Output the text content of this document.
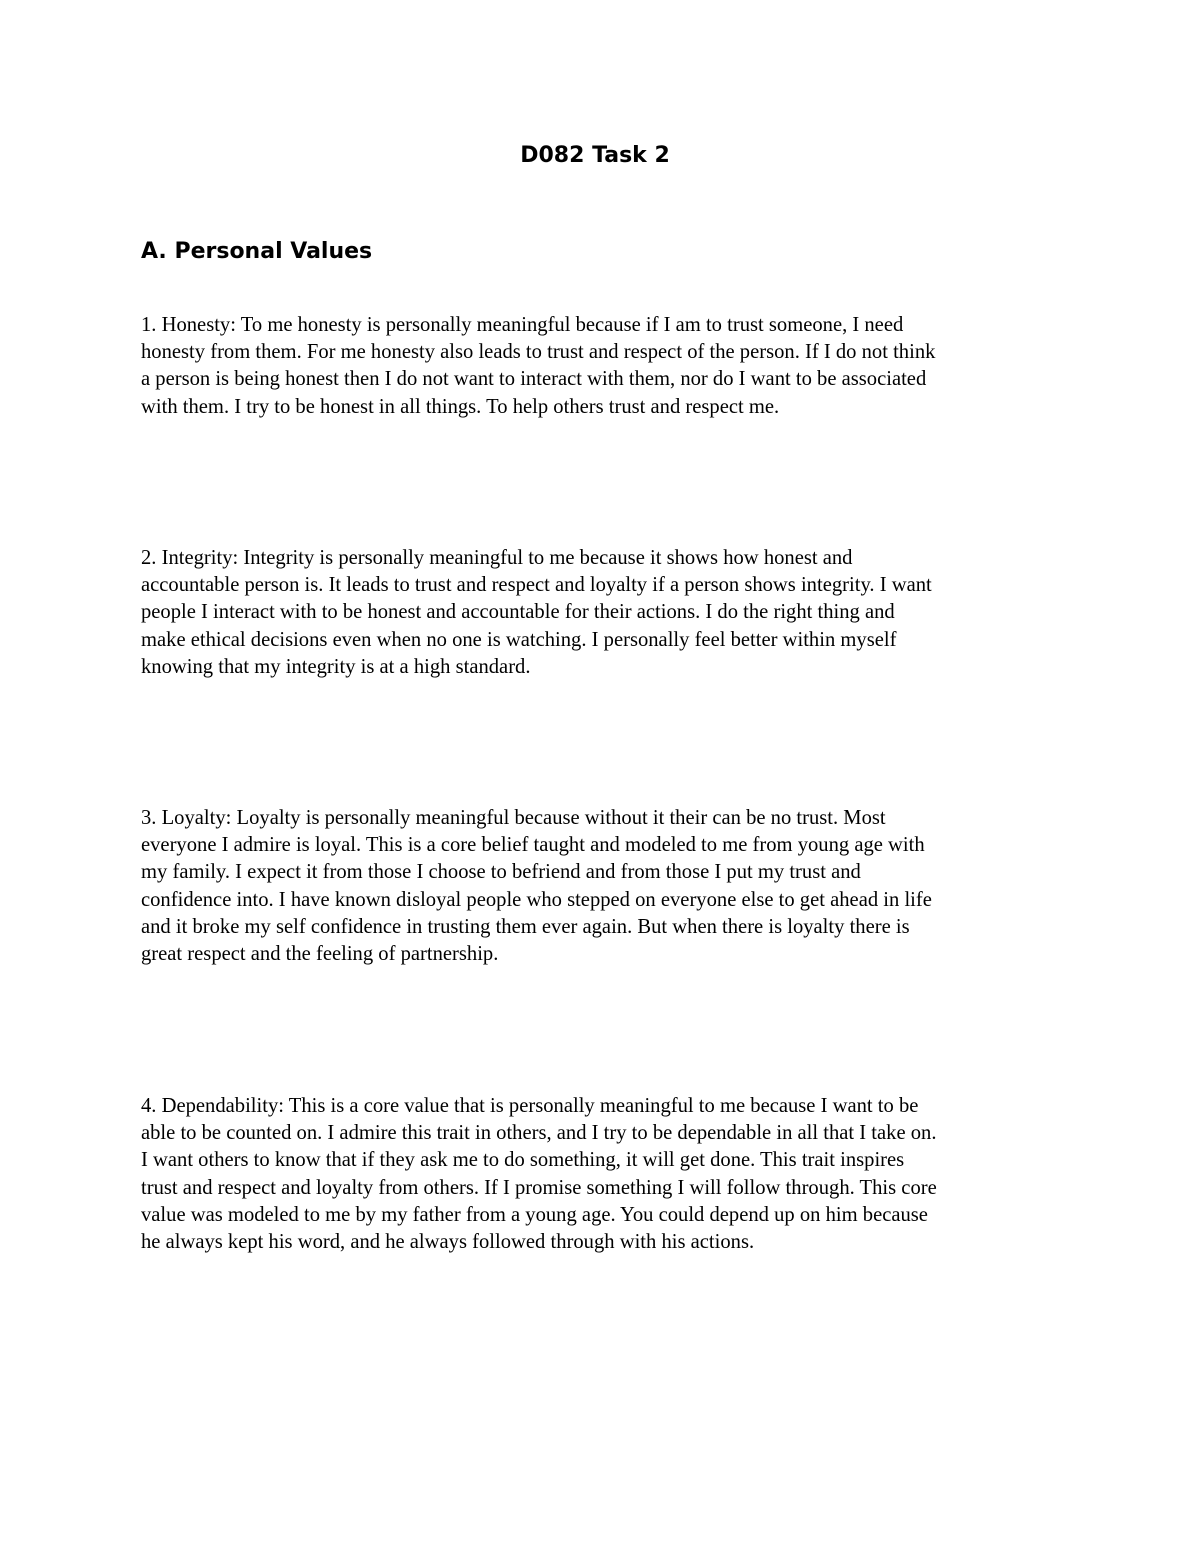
D082 Task 2
A. Personal Values

1. Honesty: To me honesty is personally meaningful because if I am to trust someone, I need
honesty from them. For me honesty also leads to trust and respect of the person. If I do not think
a person is being honest then I do not want to interact with them, nor do I want to be associated
with them. I try to be honest in all things. To help others trust and respect me.

2. Integrity: Integrity is personally meaningful to me because it shows how honest and
accountable person is. It leads to trust and respect and loyalty if a person shows integrity. I want
people I interact with to be honest and accountable for their actions. I do the right thing and
make ethical decisions even when no one is watching. I personally feel better within myself
knowing that my integrity is at a high standard.

3. Loyalty: Loyalty is personally meaningful because without it their can be no trust. Most
everyone I admire is loyal. This is a core belief taught and modeled to me from young age with
my family. I expect it from those I choose to befriend and from those I put my trust and
confidence into. I have known disloyal people who stepped on everyone else to get ahead in life
and it broke my self confidence in trusting them ever again. But when there is loyalty there is
great respect and the feeling of partnership.

4. Dependability: This is a core value that is personally meaningful to me because I want to be
able to be counted on. I admire this trait in others, and I try to be dependable in all that I take on.
I want others to know that if they ask me to do something, it will get done. This trait inspires
trust and respect and loyalty from others. If I promise something I will follow through. This core
value was modeled to me by my father from a young age. You could depend up on him because
he always kept his word, and he always followed through with his actions.
